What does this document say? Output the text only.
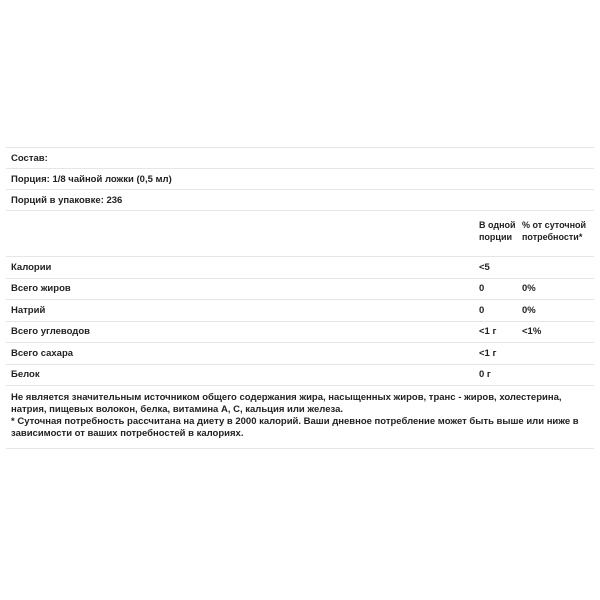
Состав:
Порция: 1/8 чайной ложки (0,5 мл)
Порций в упаковке: 236
В одной порции
% от суточной потребности*
Калории	<5
Всего жиров	0	0%
Натрий	0	0%
Всего углеводов	<1 г	<1%
Всего сахара	<1 г
Белок	0 г

Не является значительным источником общего содержания жира, насыщенных жиров, транс - жиров, холестерина, натрия, пищевых волокон, белка, витамина А, С, кальция или железа.

* Суточная потребность рассчитана на диету в 2000 калорий. Ваши дневное потребление может быть выше или ниже в зависимости от ваших потребностей в калориях.
